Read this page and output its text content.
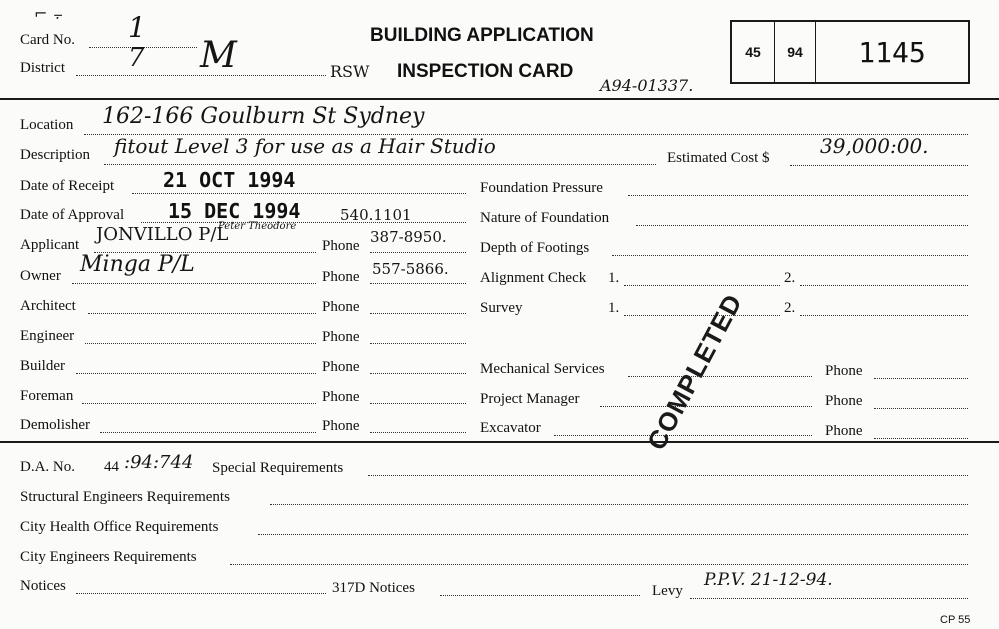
⌐ ⨪
Card No. 1
District 7 M	BUILDING APPLICATION
INSPECTION CARD
RSW
A94-01337.
45	94	1145
Location 162-166 Goulburn St Sydney
Description fitout Level 3 for use as a Hair Studio	Estimated Cost $	39,000:00.
Date of Receipt 21 OCT 1994
Date of Approval 15 DEC 1994	540.1101
Applicant JONVILLO P/L
Peter Theodore
Phone 387-8950.
Owner Minga P/L	Phone 557-5866.
Architect	Phone
Engineer	Phone
Builder	Phone
Foreman	Phone
Demolisher	Phone
Foundation Pressure
Nature of Foundation
Depth of Footings
Alignment Check 1.	2.
Survey	1.	2.
Mechanical Services	Phone
Project Manager	Phone
Excavator	Phone
COMPLETED
D.A. No. 44 :94:744 Special Requirements
Structural Engineers Requirements
City Health Office Requirements
City Engineers Requirements
Notices	317D Notices	Levy
P.P.V. 21-12-94.
CP 55
